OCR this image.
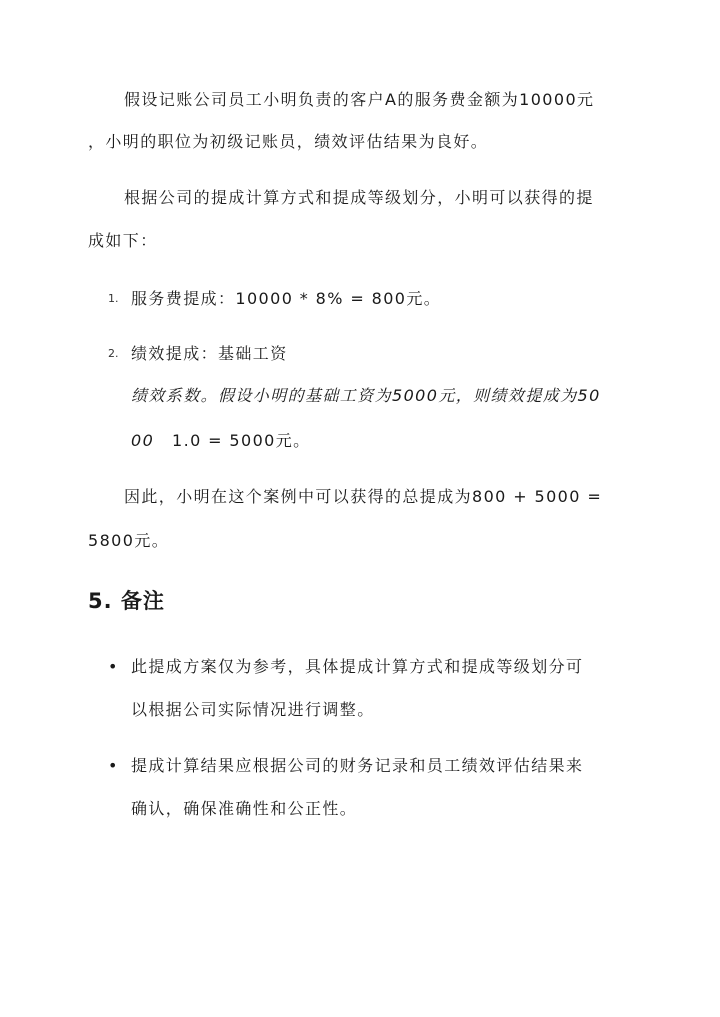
假设记账公司员工小明负责的客户A的服务费金额为10000元
，小明的职位为初级记账员，绩效评估结果为良好。
根据公司的提成计算方式和提成等级划分，小明可以获得的提
成如下：
1. 服务费提成：10000 * 8% = 800元。
2. 绩效提成：基础工资
绩效系数。假设小明的基础工资为5000元，则绩效提成为50
00 1.0 = 5000元。
因此，小明在这个案例中可以获得的总提成为800 + 5000 =
5800元。
5. 备注
• 此提成方案仅为参考，具体提成计算方式和提成等级划分可
以根据公司实际情况进行调整。
• 提成计算结果应根据公司的财务记录和员工绩效评估结果来
确认，确保准确性和公正性。
